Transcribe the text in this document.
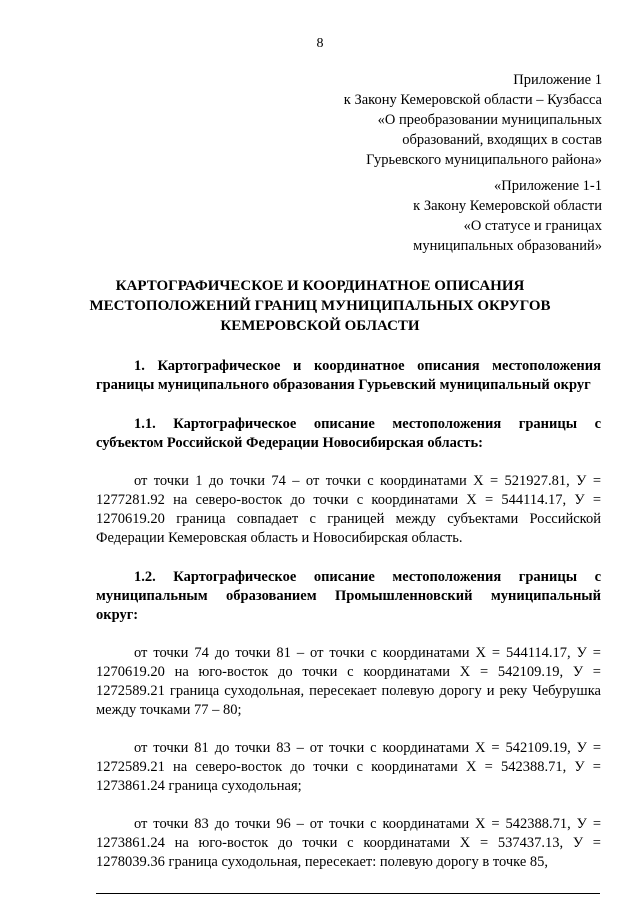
8
Приложение 1
к Закону Кемеровской области – Кузбасса
«О преобразовании муниципальных
образований, входящих в состав
Гурьевского муниципального района»
«Приложение 1-1
к Закону Кемеровской области
«О статусе и границах
муниципальных образований»
КАРТОГРАФИЧЕСКОЕ И КООРДИНАТНОЕ ОПИСАНИЯ
МЕСТОПОЛОЖЕНИЙ ГРАНИЦ МУНИЦИПАЛЬНЫХ ОКРУГОВ
КЕМЕРОВСКОЙ ОБЛАСТИ

1. Картографическое и координатное описания местоположения границы муниципального образования Гурьевский муниципальный округ

1.1. Картографическое описание местоположения границы с субъектом Российской Федерации Новосибирская область:

от точки 1 до точки 74 – от точки с координатами Х = 521927.81, У = 1277281.92 на северо-восток до точки с координатами Х = 544114.17, У = 1270619.20 граница совпадает с границей между субъектами Российской Федерации Кемеровская область и Новосибирская область.

1.2. Картографическое описание местоположения границы с муниципальным образованием Промышленновский муниципальный округ:

от точки 74 до точки 81 – от точки с координатами Х = 544114.17, У = 1270619.20 на юго-восток до точки с координатами Х = 542109.19, У = 1272589.21 граница суходольная, пересекает полевую дорогу и реку Чебурушка между точками 77 – 80;

от точки 81 до точки 83 – от точки с координатами Х = 542109.19, У = 1272589.21 на северо-восток до точки с координатами Х = 542388.71, У = 1273861.24 граница суходольная;

от точки 83 до точки 96 – от точки с координатами Х = 542388.71, У = 1273861.24 на юго-восток до точки с координатами Х = 537437.13, У = 1278039.36 граница суходольная, пересекает: полевую дорогу в точке 85,
